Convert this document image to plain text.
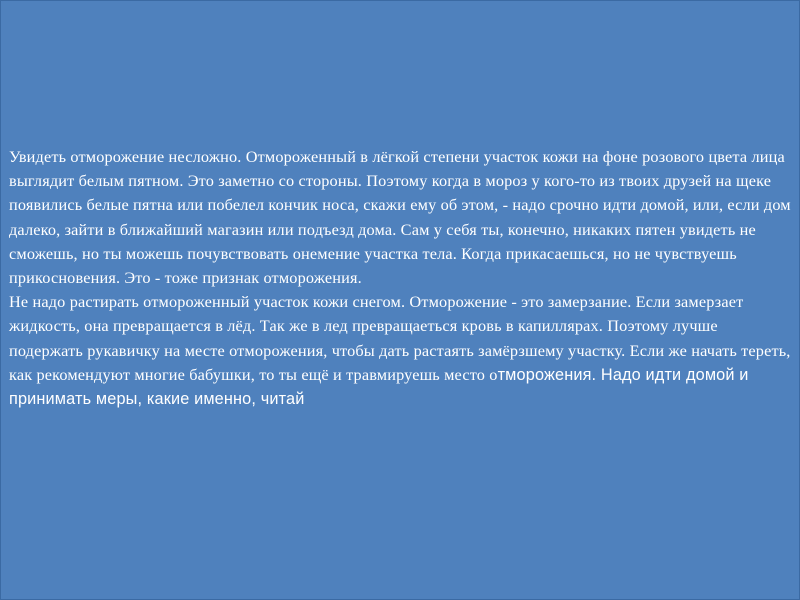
Увидеть отморожение несложно. Отмороженный в лёгкой степени участок кожи на фоне розового цвета лица выглядит белым пятном. Это заметно со стороны. Поэтому когда в мороз у кого-то из твоих друзей на щеке появились белые пятна или побелел кончик носа, скажи ему об этом, - надо срочно идти домой, или, если дом далеко, зайти в ближайший магазин или подъезд дома. Сам у себя ты, конечно, никаких пятен увидеть не сможешь, но ты можешь почувствовать онемение участка тела. Когда прикасаешься, но не чувствуешь прикосновения. Это - тоже признак отморожения.

Не надо растирать отмороженный участок кожи снегом. Отморожение - это замерзание. Если замерзает жидкость, она превращается в лёд. Так же в лед превращаеться кровь в капиллярах. Поэтому лучше подержать рукавичку на месте отморожения, чтобы дать растаять замёрзшему участку. Если же начать тереть, как рекомендуют многие бабушки, то ты ещё и травмируешь место отморожения. Надо идти домой и принимать меры, какие именно, читай
